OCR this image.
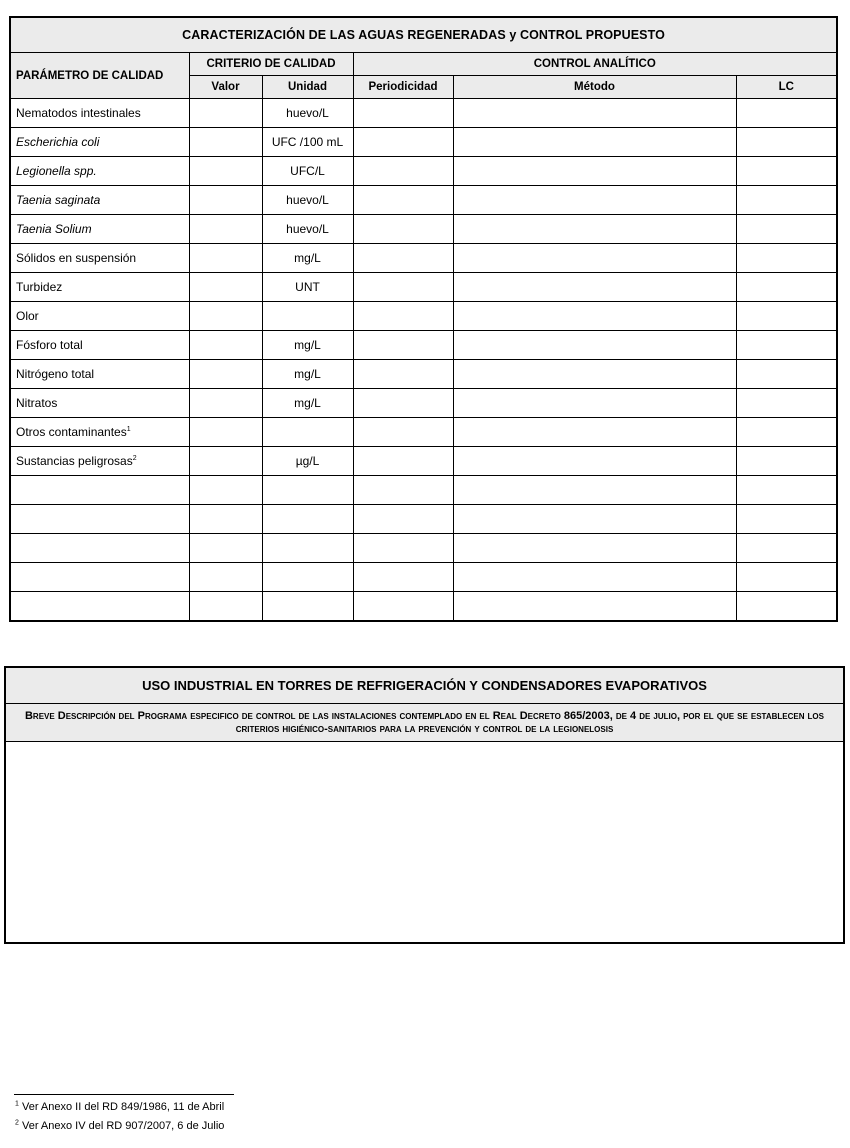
CARACTERIZACIÓN DE LAS AGUAS REGENERADAS y CONTROL PROPUESTO					
PARÁMETRO DE CALIDAD	CRITERIO DE CALIDAD		CONTROL ANALÍTICO		
	Valor	Unidad	Periodicidad	Método	LC
Nematodos intestinales		huevo/L			
Escherichia coli		UFC /100 mL			
Legionella spp.		UFC/L			
Taenia saginata		huevo/L			
Taenia Solium		huevo/L			
Sólidos en suspensión		mg/L			
Turbidez		UNT			
Olor					
Fósforo total		mg/L			
Nitrógeno total		mg/L			
Nitratos		mg/L			
Otros contaminantes$^1$					
Sustancias peligrosas$^2$		µg/L			

USO INDUSTRIAL EN TORRES DE REFRIGERACIÓN Y CONDENSADORES EVAPORATIVOS
Breve Descripción del Programa especifico de control de las instalaciones contemplado en el Real Decreto 865/2003, de 4 de julio, por el que se establecen los criterios higiénico-sanitarios para la prevención y control de la legionelosis

$^1$ Ver Anexo II del RD 849/1986, 11 de Abril
$^2$ Ver Anexo IV del RD 907/2007, 6 de Julio
